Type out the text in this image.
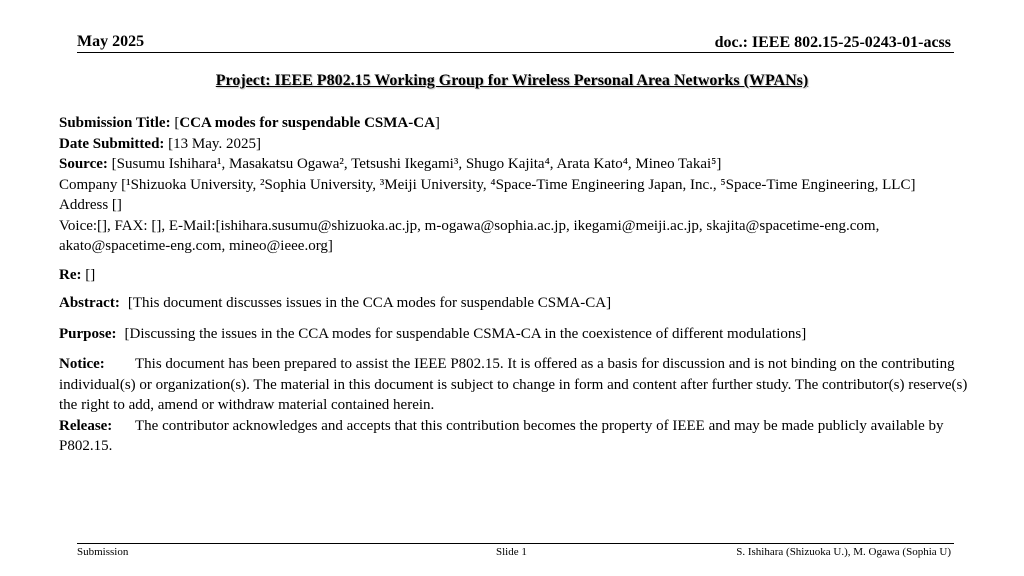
May 2025	doc.: IEEE 802.15-25-0243-01-acss
Project: IEEE P802.15 Working Group for Wireless Personal Area Networks (WPANs)

Submission Title: [CCA modes for suspendable CSMA-CA]

Date Submitted: [13 May. 2025]

Source: [Susumu Ishihara¹, Masakatsu Ogawa², Tetsushi Ikegami³, Shugo Kajita⁴, Arata Kato⁴, Mineo Takai⁵]

Company [¹Shizuoka University, ²Sophia University, ³Meiji University, ⁴Space-Time Engineering Japan, Inc., ⁵Space-Time Engineering, LLC]

Address []

Voice:[], FAX: [], E-Mail:[ishihara.susumu@shizuoka.ac.jp, m-ogawa@sophia.ac.jp, ikegami@meiji.ac.jp, skajita@spacetime-eng.com, akato@spacetime-eng.com, mineo@ieee.org]

Re: []

Abstract: [This document discusses issues in the CCA modes for suspendable CSMA-CA]
Purpose: [Discussing the issues in the CCA modes for suspendable CSMA-CA in the coexistence of different modulations]

Notice: This document has been prepared to assist the IEEE P802.15. It is offered as a basis for discussion and is not binding on the contributing individual(s) or organization(s). The material in this document is subject to change in form and content after further study. The contributor(s) reserve(s) the right to add, amend or withdraw material contained herein.

Release: The contributor acknowledges and accepts that this contribution becomes the property of IEEE and may be made publicly available by P802.15.

Submission	Slide 1	S. Ishihara (Shizuoka U.), M. Ogawa (Sophia U)
